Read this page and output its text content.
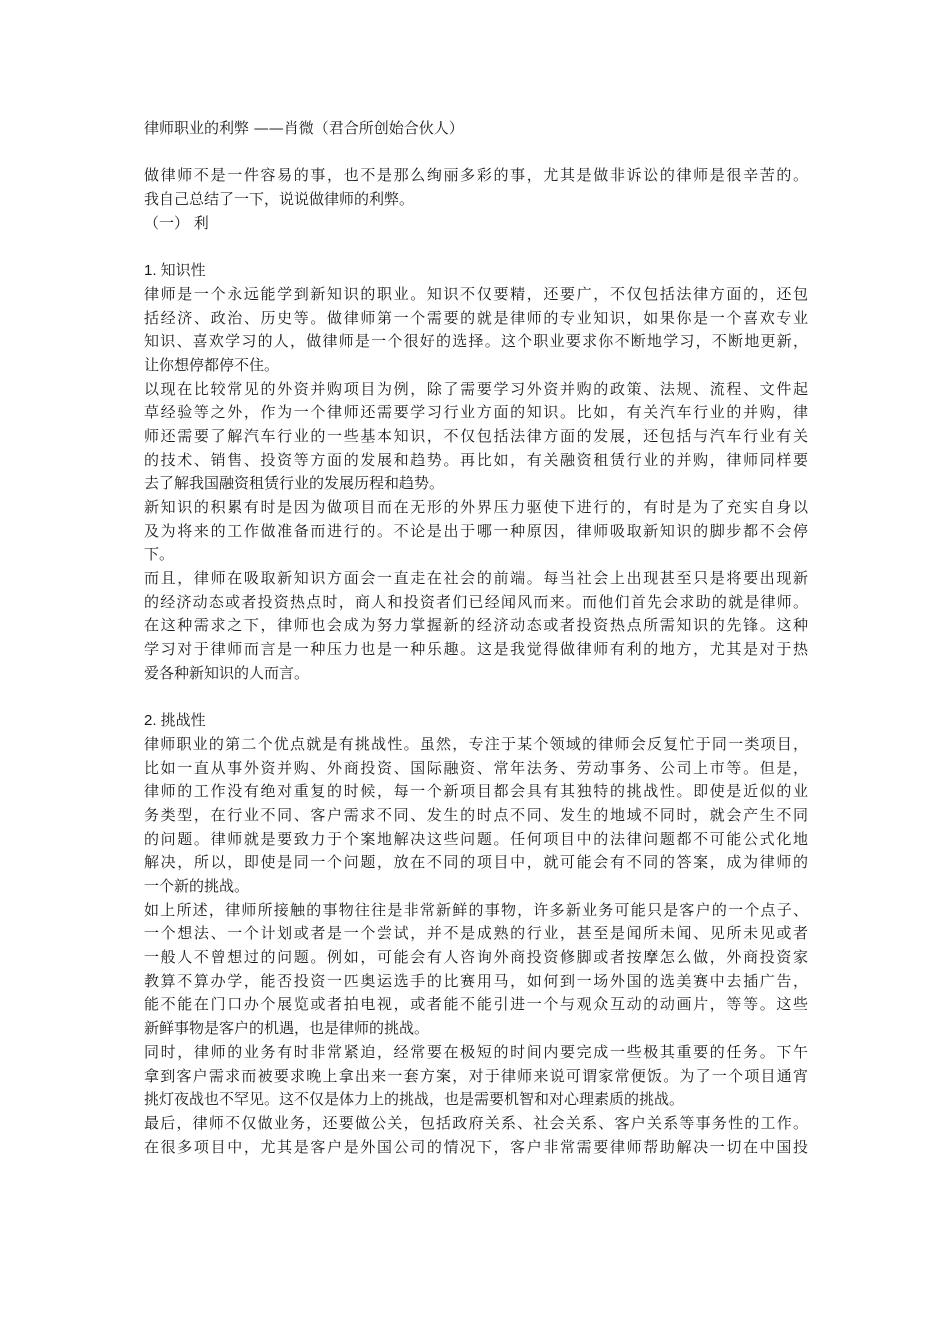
律师职业的利弊 ——肖微（君合所创始合伙人）
做律师不是一件容易的事，也不是那么绚丽多彩的事，尤其是做非诉讼的律师是很辛苦的。
我自己总结了一下，说说做律师的利弊。
（一） 利
1. 知识性
律师是一个永远能学到新知识的职业。知识不仅要精，还要广，不仅包括法律方面的，还包
括经济、政治、历史等。做律师第一个需要的就是律师的专业知识，如果你是一个喜欢专业
知识、喜欢学习的人，做律师是一个很好的选择。这个职业要求你不断地学习，不断地更新，
让你想停都停不住。
以现在比较常见的外资并购项目为例，除了需要学习外资并购的政策、法规、流程、文件起
草经验等之外，作为一个律师还需要学习行业方面的知识。比如，有关汽车行业的并购，律
师还需要了解汽车行业的一些基本知识，不仅包括法律方面的发展，还包括与汽车行业有关
的技术、销售、投资等方面的发展和趋势。再比如，有关融资租赁行业的并购，律师同样要
去了解我国融资租赁行业的发展历程和趋势。
新知识的积累有时是因为做项目而在无形的外界压力驱使下进行的，有时是为了充实自身以
及为将来的工作做准备而进行的。不论是出于哪一种原因，律师吸取新知识的脚步都不会停
下。
而且，律师在吸取新知识方面会一直走在社会的前端。每当社会上出现甚至只是将要出现新
的经济动态或者投资热点时，商人和投资者们已经闻风而来。而他们首先会求助的就是律师。
在这种需求之下，律师也会成为努力掌握新的经济动态或者投资热点所需知识的先锋。这种
学习对于律师而言是一种压力也是一种乐趣。这是我觉得做律师有利的地方，尤其是对于热
爱各种新知识的人而言。
2. 挑战性
律师职业的第二个优点就是有挑战性。虽然，专注于某个领域的律师会反复忙于同一类项目，
比如一直从事外资并购、外商投资、国际融资、常年法务、劳动事务、公司上市等。但是，
律师的工作没有绝对重复的时候，每一个新项目都会具有其独特的挑战性。即使是近似的业
务类型，在行业不同、客户需求不同、发生的时点不同、发生的地域不同时，就会产生不同
的问题。律师就是要致力于个案地解决这些问题。任何项目中的法律问题都不可能公式化地
解决，所以，即使是同一个问题，放在不同的项目中，就可能会有不同的答案，成为律师的
一个新的挑战。
如上所述，律师所接触的事物往往是非常新鲜的事物，许多新业务可能只是客户的一个点子、
一个想法、一个计划或者是一个尝试，并不是成熟的行业，甚至是闻所未闻、见所未见或者
一般人不曾想过的问题。例如，可能会有人咨询外商投资修脚或者按摩怎么做，外商投资家
教算不算办学，能否投资一匹奥运选手的比赛用马，如何到一场外国的选美赛中去插广告，
能不能在门口办个展览或者拍电视，或者能不能引进一个与观众互动的动画片，等等。这些
新鲜事物是客户的机遇，也是律师的挑战。
同时，律师的业务有时非常紧迫，经常要在极短的时间内要完成一些极其重要的任务。下午
拿到客户需求而被要求晚上拿出来一套方案，对于律师来说可谓家常便饭。为了一个项目通宵
挑灯夜战也不罕见。这不仅是体力上的挑战，也是需要机智和对心理素质的挑战。
最后，律师不仅做业务，还要做公关，包括政府关系、社会关系、客户关系等事务性的工作。
在很多项目中，尤其是客户是外国公司的情况下，客户非常需要律师帮助解决一切在中国投
